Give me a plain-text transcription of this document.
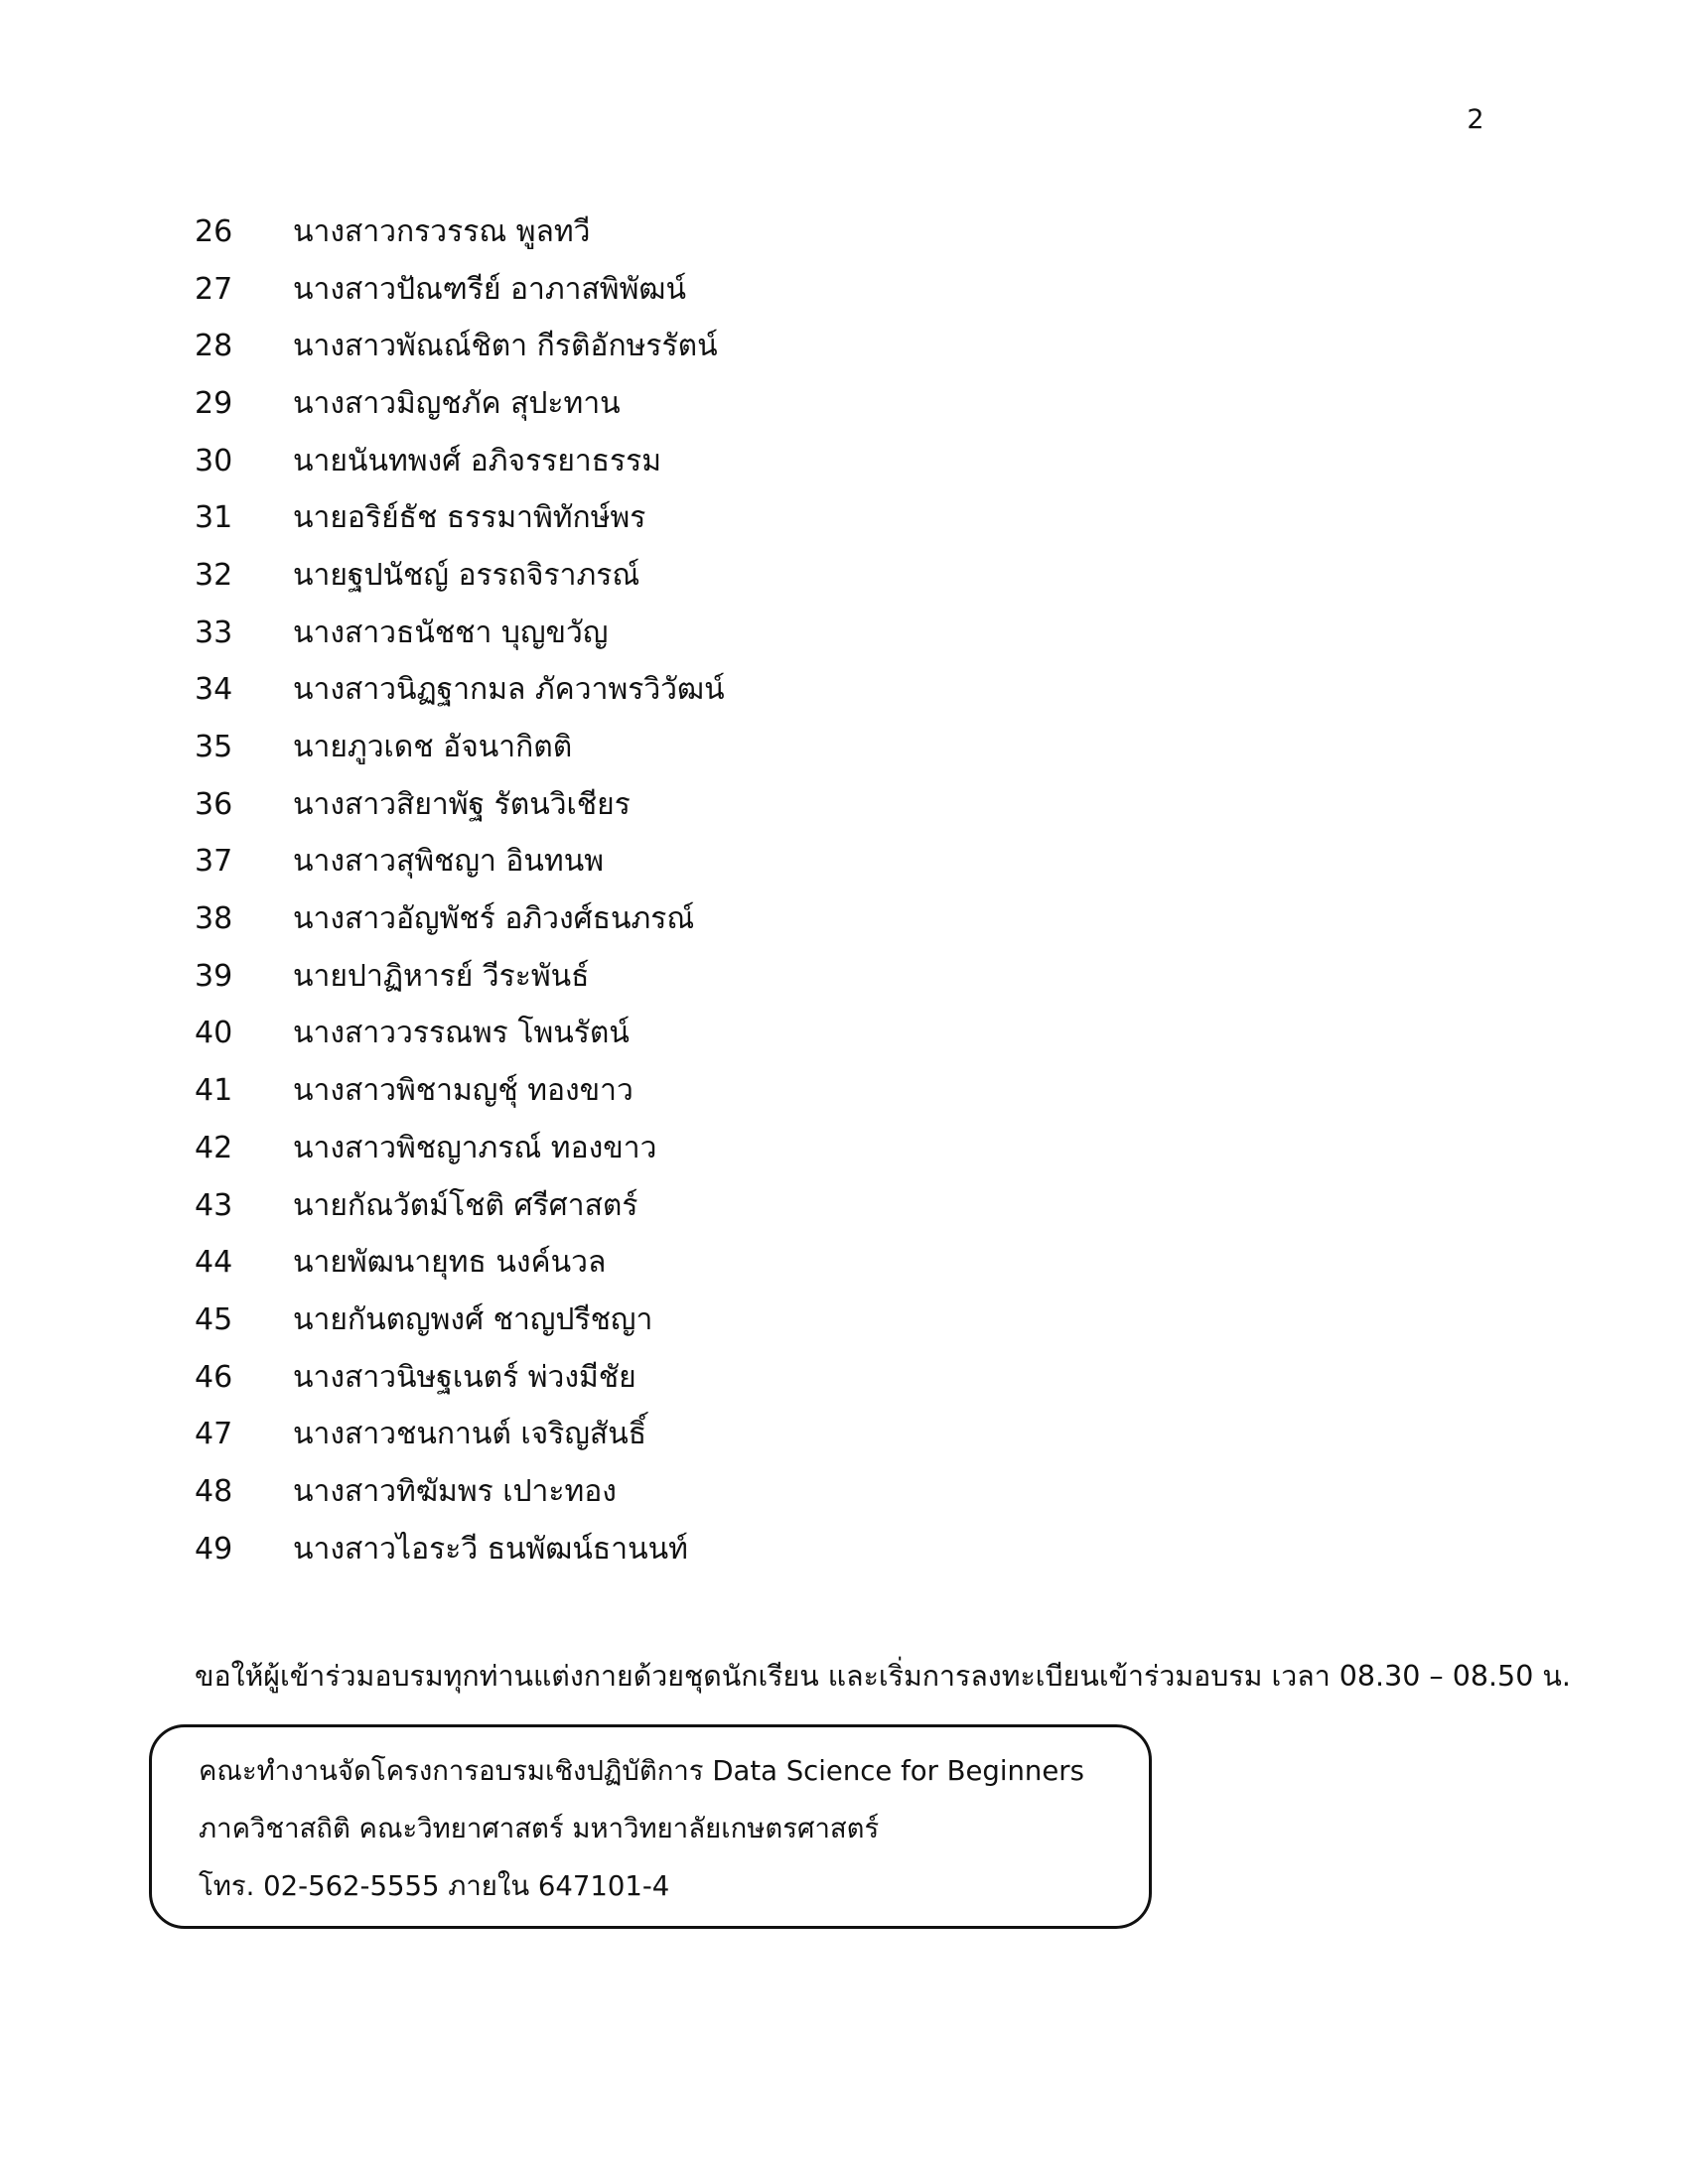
2
26	นางสาวกรวรรณ พูลทวี
27	นางสาวปัณฑรีย์ อาภาสพิพัฒน์
28	นางสาวพัณณ์ชิตา กีรติอักษรรัตน์
29	นางสาวมิญชภัค สุปะทาน
30	นายนันทพงศ์ อภิจรรยาธรรม
31	นายอริย์ธัช ธรรมาพิทักษ์พร
32	นายฐปนัชญ์ อรรถจิราภรณ์
33	นางสาวธนัชชา บุญขวัญ
34	นางสาวนิฏฐากมล ภัควาพรวิวัฒน์
35	นายภูวเดช อัจนากิตติ
36	นางสาวสิยาพัฐ รัตนวิเชียร
37	นางสาวสุพิชญา อินทนพ
38	นางสาวอัญพัชร์ อภิวงศ์ธนภรณ์
39	นายปาฏิหารย์ วีระพันธ์
40	นางสาววรรณพร โพนรัตน์
41	นางสาวพิชามญชุ์ ทองขาว
42	นางสาวพิชญาภรณ์ ทองขาว
43	นายกัณวัตม์โชติ ศรีศาสตร์
44	นายพัฒนายุทธ นงค์นวล
45	นายกันตญพงศ์ ชาญปรีชญา
46	นางสาวนิษฐเนตร์ พ่วงมีชัย
47	นางสาวชนกานต์ เจริญสันธิ์
48	นางสาวทิฆัมพร เปาะทอง
49	นางสาวไอระวี ธนพัฒน์ธานนท์

ขอให้ผู้เข้าร่วมอบรมทุกท่านแต่งกายด้วยชุดนักเรียน และเริ่มการลงทะเบียนเข้าร่วมอบรม เวลา 08.30 – 08.50 น.

คณะทำงานจัดโครงการอบรมเชิงปฏิบัติการ Data Science for Beginners
ภาควิชาสถิติ คณะวิทยาศาสตร์ มหาวิทยาลัยเกษตรศาสตร์
โทร. 02-562-5555 ภายใน 647101-4
